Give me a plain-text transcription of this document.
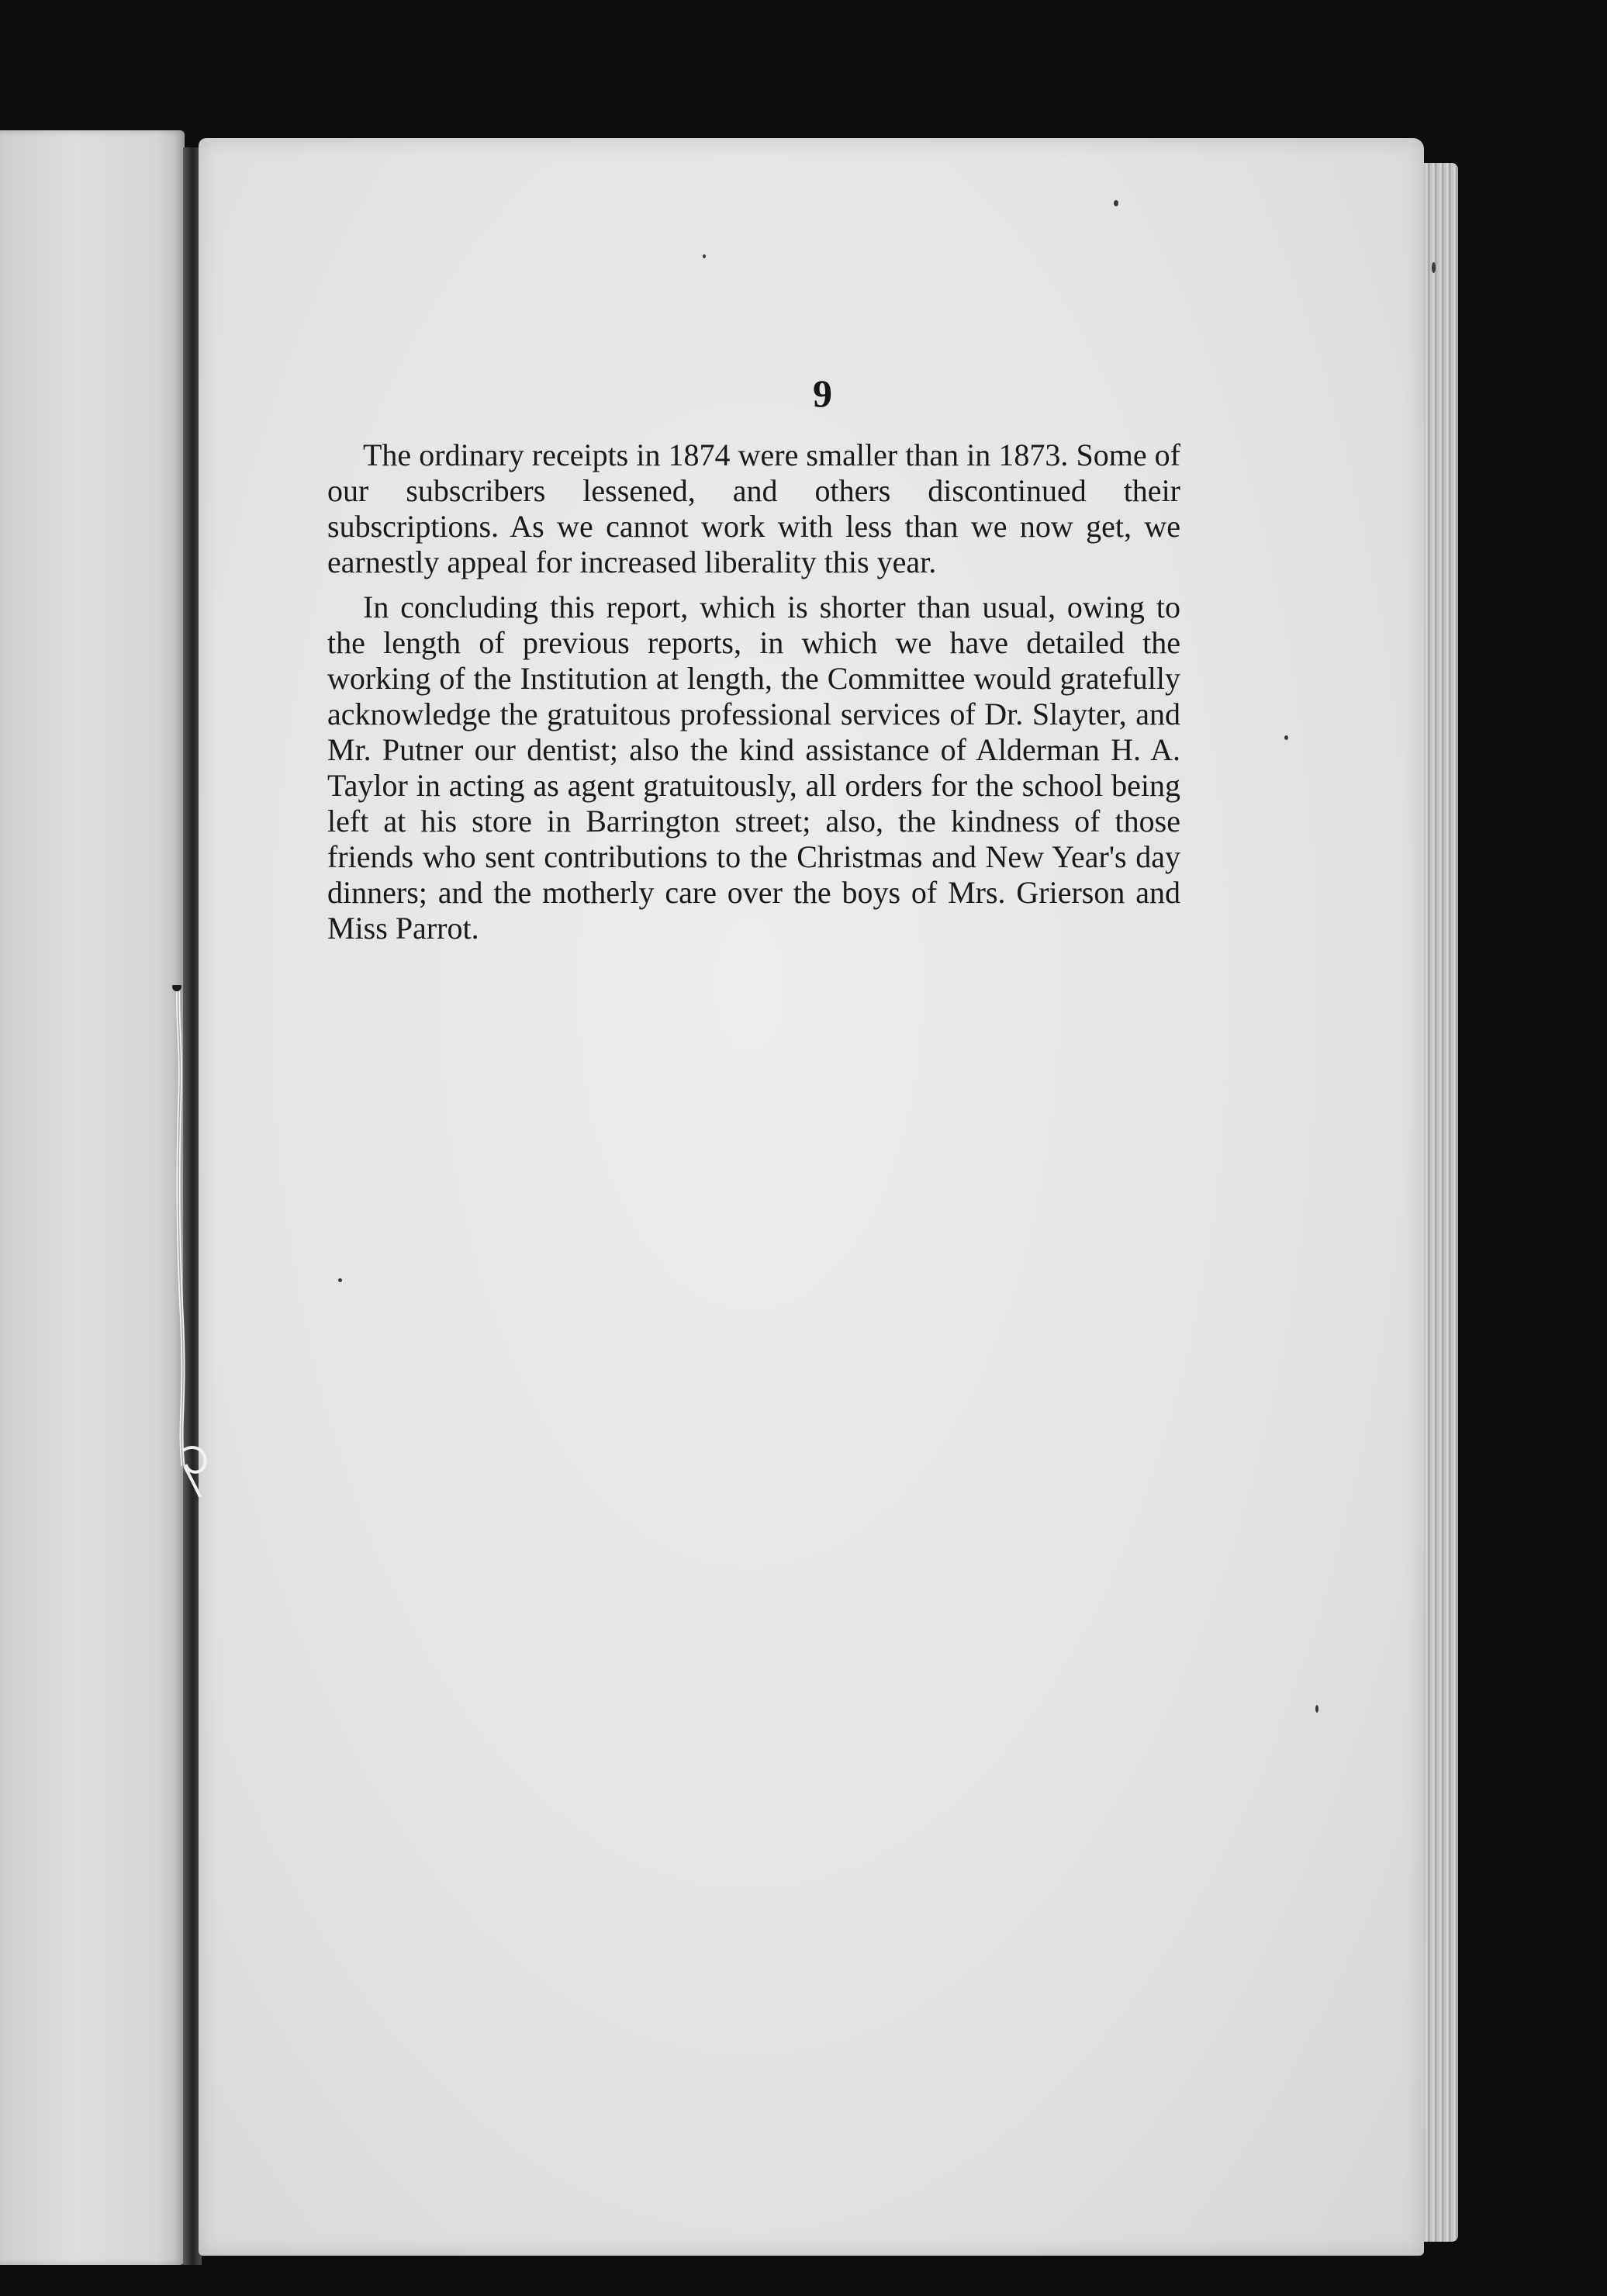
9

The ordinary receipts in 1874 were smaller than in 1873. Some of our subscribers lessened, and others discontinued their subscriptions. As we cannot work with less than we now get, we earnestly appeal for increased liberality this year.

In concluding this report, which is shorter than usual, owing to the length of previous reports, in which we have detailed the working of the Institution at length, the Committee would gratefully acknowledge the gratuitous professional services of Dr. Slayter, and Mr. Putner our dentist; also the kind assistance of Alderman H. A. Taylor in acting as agent gratuitously, all orders for the school being left at his store in Barrington street; also, the kindness of those friends who sent contributions to the Christmas and New Year's day dinners; and the motherly care over the boys of Mrs. Grierson and Miss Parrot.
